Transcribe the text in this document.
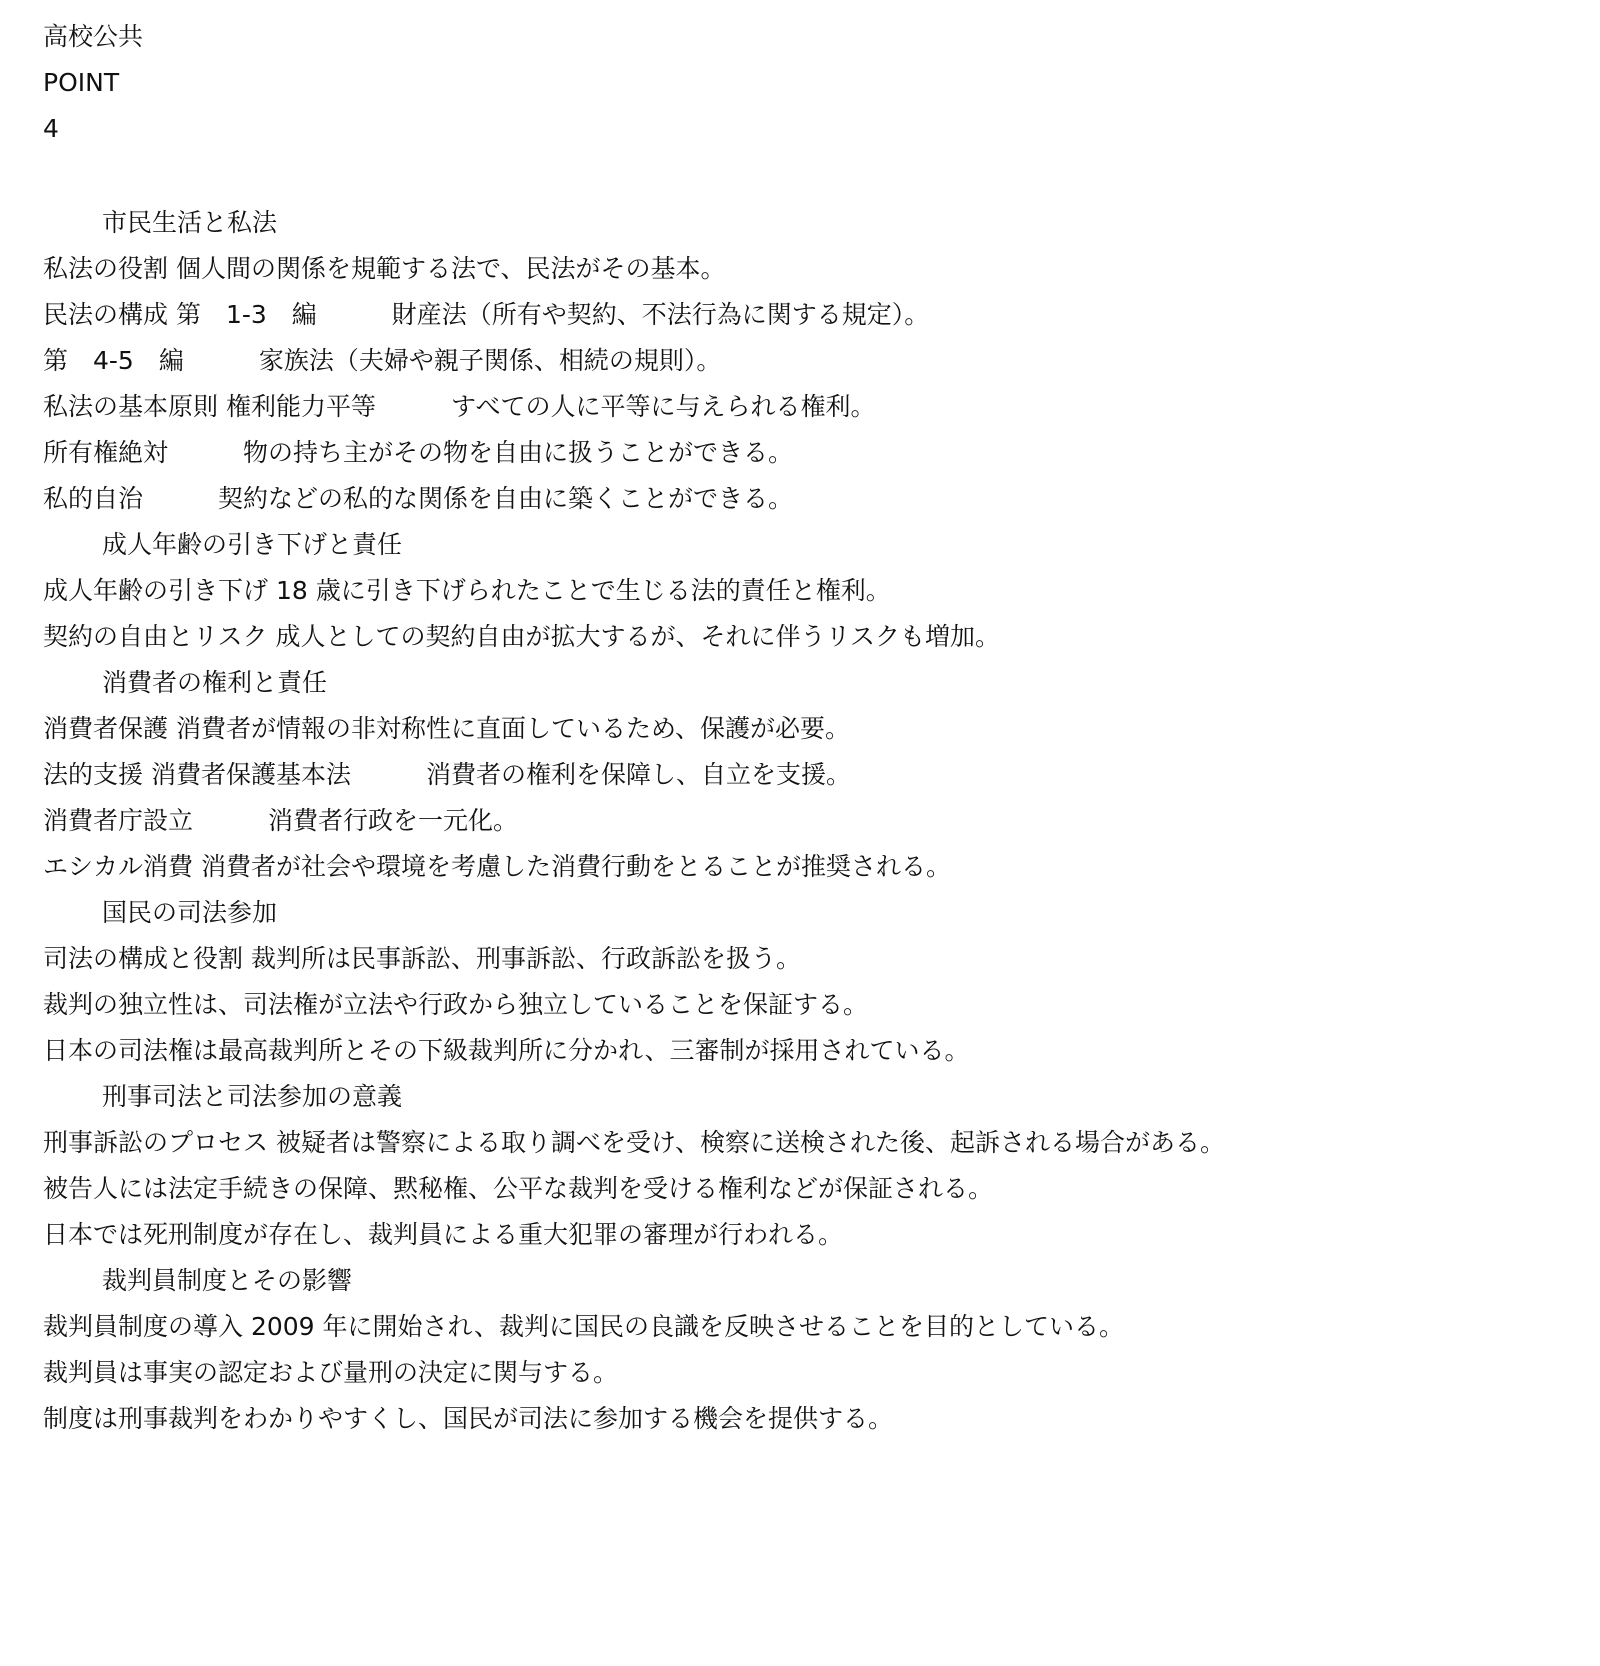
高校公共
POINT
4
市民生活と私法
私法の役割 個人間の関係を規範する法で、民法がその基本。
民法の構成 第　1-3　編　　　財産法（所有や契約、不法行為に関する規定）。
第　4-5　編　　　家族法（夫婦や親子関係、相続の規則）。
私法の基本原則 権利能力平等　　　すべての人に平等に与えられる権利。
所有権絶対　　　物の持ち主がその物を自由に扱うことができる。
私的自治　　　契約などの私的な関係を自由に築くことができる。
成人年齢の引き下げと責任
成人年齢の引き下げ 18 歳に引き下げられたことで生じる法的責任と権利。
契約の自由とリスク 成人としての契約自由が拡大するが、それに伴うリスクも増加。
消費者の権利と責任
消費者保護 消費者が情報の非対称性に直面しているため、保護が必要。
法的支援 消費者保護基本法　　　消費者の権利を保障し、自立を支援。
消費者庁設立　　　消費者行政を一元化。
エシカル消費 消費者が社会や環境を考慮した消費行動をとることが推奨される。
国民の司法参加
司法の構成と役割 裁判所は民事訴訟、刑事訴訟、行政訴訟を扱う。
裁判の独立性は、司法権が立法や行政から独立していることを保証する。
日本の司法権は最高裁判所とその下級裁判所に分かれ、三審制が採用されている。
刑事司法と司法参加の意義
刑事訴訟のプロセス 被疑者は警察による取り調べを受け、検察に送検された後、起訴される場合がある。
被告人には法定手続きの保障、黙秘権、公平な裁判を受ける権利などが保証される。
日本では死刑制度が存在し、裁判員による重大犯罪の審理が行われる。
裁判員制度とその影響
裁判員制度の導入 2009 年に開始され、裁判に国民の良識を反映させることを目的としている。
裁判員は事実の認定および量刑の決定に関与する。
制度は刑事裁判をわかりやすくし、国民が司法に参加する機会を提供する。
